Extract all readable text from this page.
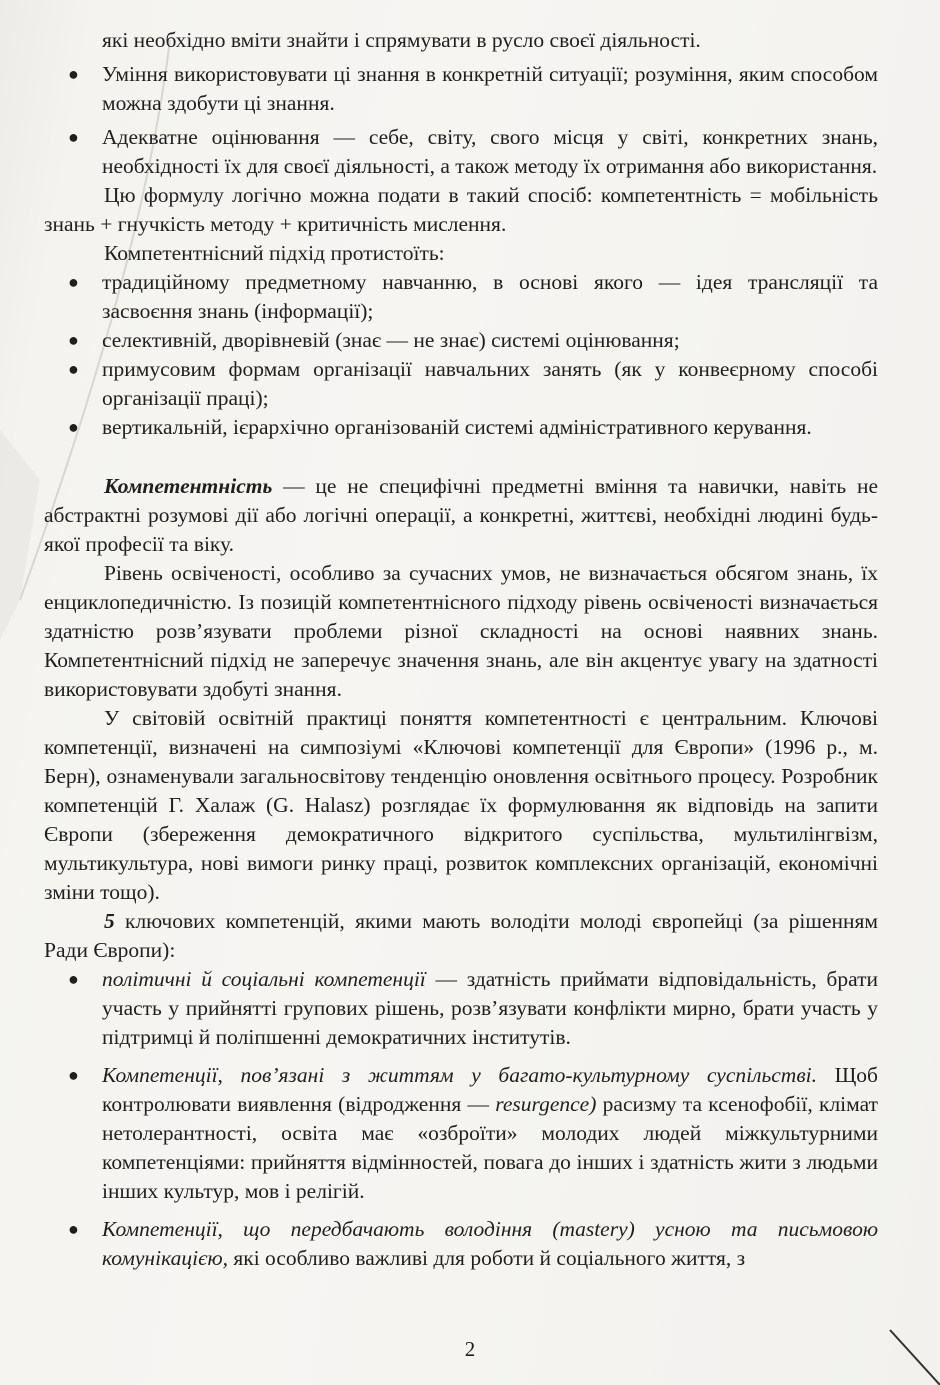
які необхідно вміти знайти і спрямувати в русло своєї діяльності.

● Уміння використовувати ці знання в конкретній ситуації; розуміння, яким способом можна здобути ці знання.
● Адекватне оцінювання — себе, світу, свого місця у світі, конкретних знань, необхідності їх для своєї діяльності, а також методу їх отримання або використання.

Цю формулу логічно можна подати в такий спосіб: компетентність = мобільність знань + гнучкість методу + критичність мислення.

Компетентнісний підхід протистоїть:

● традиційному предметному навчанню, в основі якого — ідея трансляції та засвоєння знань (інформації);
● селективній, дворівневій (знає — не знає) системі оцінювання;
● примусовим формам організації навчальних занять (як у конвеєрному способі організації праці);
● вертикальній, ієрархічно організованій системі адміністративного керування.

Компетентність — це не специфічні предметні вміння та навички, навіть не абстрактні розумові дії або логічні операції, а конкретні, життєві, необхідні людині будь-якої професії та віку.

Рівень освіченості, особливо за сучасних умов, не визначається обсягом знань, їх енциклопедичністю. Із позицій компетентнісного підходу рівень освіченості визначається здатністю розв’язувати проблеми різної складності на основі наявних знань. Компетентнісний підхід не заперечує значення знань, але він акцентує увагу на здатності використовувати здобуті знання.

У світовій освітній практиці поняття компетентності є центральним. Ключові компетенції, визначені на симпозіумі «Ключові компетенції для Європи» (1996 р., м. Берн), ознаменували загальносвітову тенденцію оновлення освітнього процесу. Розробник компетенцій Г. Халаж (G. Halasz) розглядає їх формулювання як відповідь на запити Європи (збереження демократичного відкритого суспільства, мультилінгвізм, мультикультура, нові вимоги ринку праці, розвиток комплексних організацій, економічні зміни тощо).

5 ключових компетенцій, якими мають володіти молоді європейці (за рішенням Ради Європи):

● політичні й соціальні компетенції — здатність приймати відповідальність, брати участь у прийнятті групових рішень, розв’язувати конфлікти мирно, брати участь у підтримці й поліпшенні демократичних інститутів.
● Компетенції, пов’язані з життям у багато-культурному суспільстві. Щоб контролювати виявлення (відродження — resurgence) расизму та ксенофобії, клімат нетолерантності, освіта має «озброїти» молодих людей міжкультурними компетенціями: прийняття відмінностей, повага до інших і здатність жити з людьми інших культур, мов і релігій.
● Компетенції, що передбачають володіння (mastery) усною та письмовою комунікацією, які особливо важливі для роботи й соціального життя, з
2
